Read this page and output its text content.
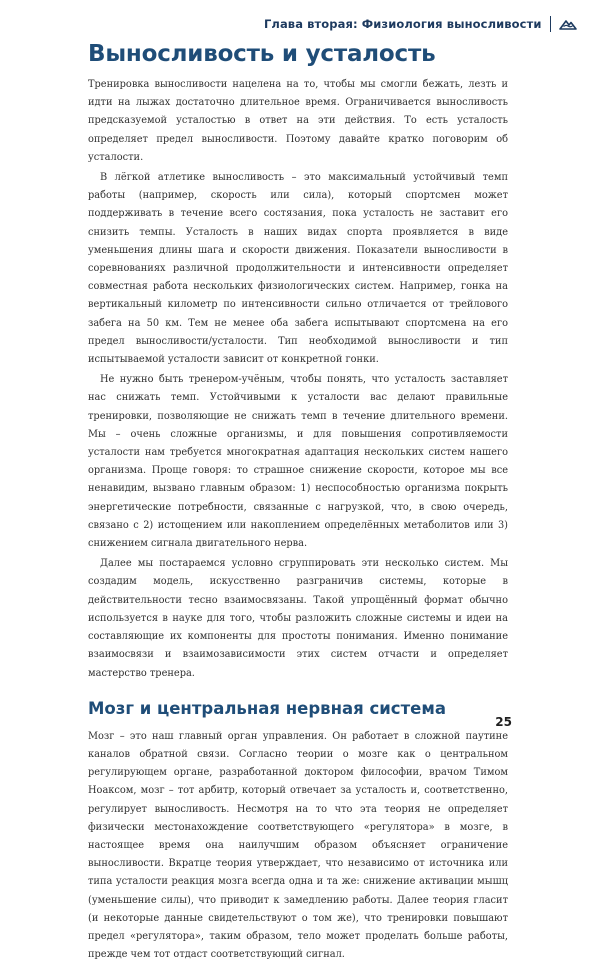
Глава вторая: Физиология выносливости
Выносливость и усталость

Тренировка выносливости нацелена на то, чтобы мы смогли бежать, лезть и идти на лыжах достаточно длительное время. Ограничивается выносливость предсказуемой усталостью в ответ на эти действия. То есть усталость определяет предел выносливости. Поэтому давайте кратко поговорим об усталости.

В лёгкой атлетике выносливость – это максимальный устойчивый темп работы (например, скорость или сила), который спортсмен может поддерживать в течение всего состязания, пока усталость не заставит его снизить темпы. Усталость в наших видах спорта проявляется в виде уменьшения длины шага и скорости движения. Показатели выносливости в соревнованиях различной продолжительности и интенсивности определяет совместная работа нескольких физиологических систем. Например, гонка на вертикальный километр по интенсивности сильно отличается от трейлового забега на 50 км. Тем не менее оба забега испытывают спортсмена на его предел выносливости/усталости. Тип необходимой выносливости и тип испытываемой усталости зависит от конкретной гонки.

Не нужно быть тренером-учёным, чтобы понять, что усталость заставляет нас снижать темп. Устойчивыми к усталости вас делают правильные тренировки, позволяющие не снижать темп в течение длительного времени. Мы – очень сложные организмы, и для повышения сопротивляемости усталости нам требуется многократная адаптация нескольких систем нашего организма. Проще говоря: то страшное снижение скорости, которое мы все ненавидим, вызвано главным образом: 1) неспособностью организма покрыть энергетические потребности, связанные с нагрузкой, что, в свою очередь, связано с 2) истощением или накоплением определённых метаболитов или 3) снижением сигнала двигательного нерва.

Далее мы постараемся условно сгруппировать эти несколько систем. Мы создадим модель, искусственно разграничив системы, которые в действительности тесно взаимосвязаны. Такой упрощённый формат обычно используется в науке для того, чтобы разложить сложные системы и идеи на составляющие их компоненты для простоты понимания. Именно понимание взаимосвязи и взаимозависимости этих систем отчасти и определяет мастерство тренера.

Мозг и центральная нервная система

Мозг – это наш главный орган управления. Он работает в сложной паутине каналов обратной связи. Согласно теории о мозге как о центральном регулирующем органе, разработанной доктором философии, врачом Тимом Ноаксом, мозг – тот арбитр, который отвечает за усталость и, соответственно, регулирует выносливость. Несмотря на то что эта теория не определяет физически местонахождение соответствующего «регулятора» в мозге, в настоящее время она наилучшим образом объясняет ограничение выносливости. Вкратце теория утверждает, что независимо от источника или типа усталости реакция мозга всегда одна и та же: снижение активации мышц (уменьшение силы), что приводит к замедлению работы. Далее теория гласит (и некоторые данные свидетельствуют о том же), что тренировки повышают предел «регулятора», таким образом, тело может проделать больше работы, прежде чем тот отдаст соответствующий сигнал.

25
